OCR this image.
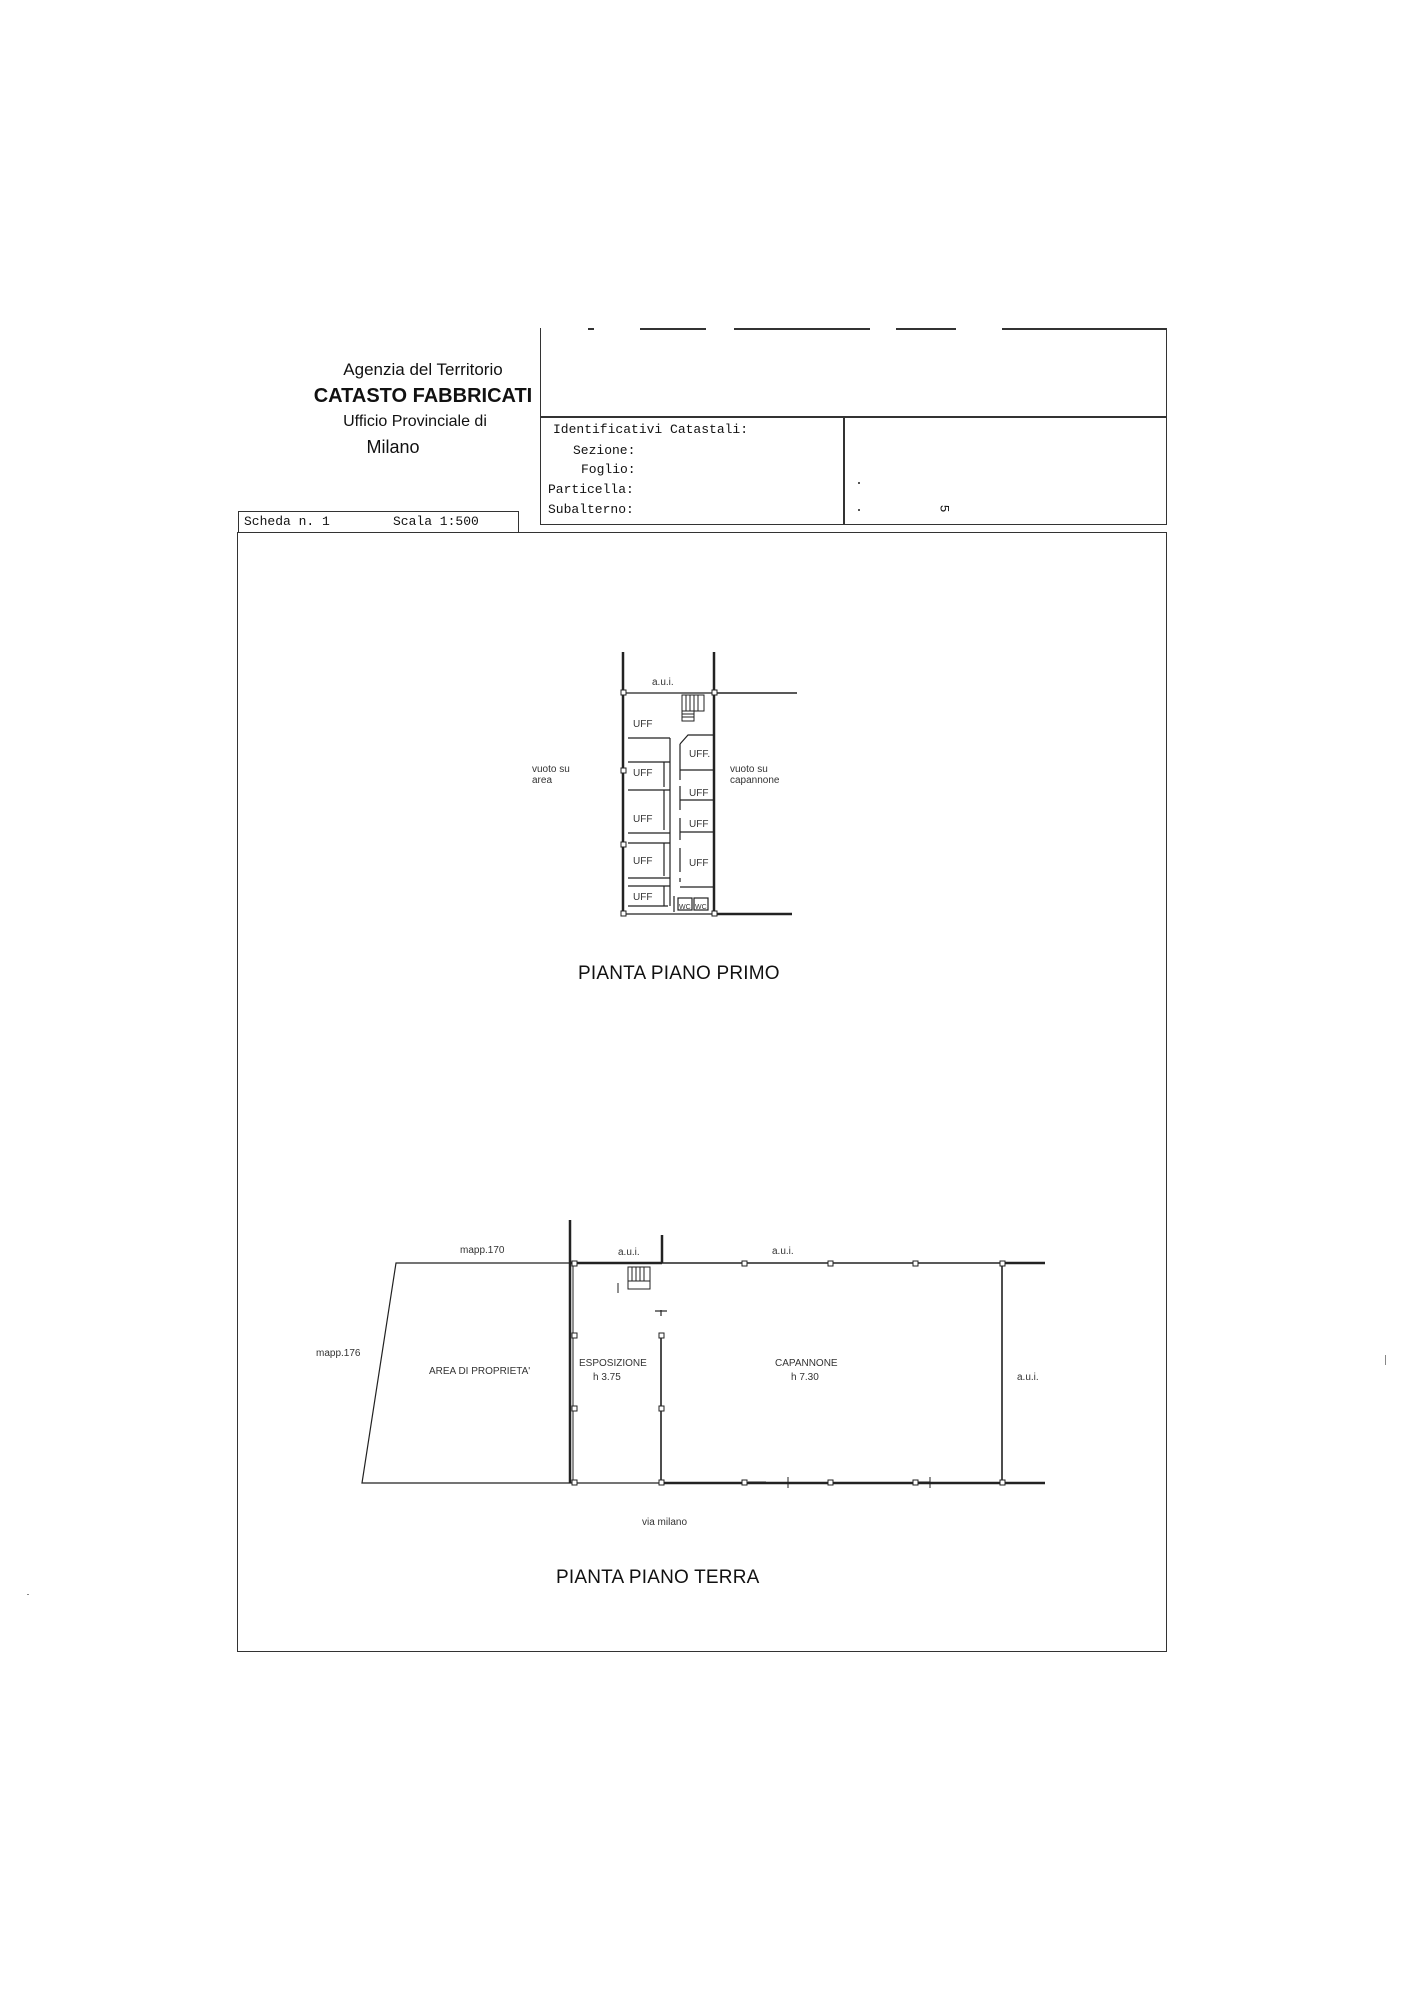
Agenzia del Territorio
CATASTO FABBRICATI
Ufficio Provinciale di
Milano
Identificativi Catastali:
Sezione:
Foglio:
Particella:
Subalterno:	5
Scheda n. 1	Scala 1:500
a.u.i.
vuoto su
area
vuoto su
capannone
UFF
UFF
UFF
UFF
UFF
UFF.
UFF
UFF
UFF
WC WC
PIANTA PIANO PRIMO
mapp.170
mapp.176
a.u.i.	a.u.i.
a.u.i.
AREA DI PROPRIETA'
ESPOSIZIONE
h 3.75
CAPANNONE
h 7.30
via milano
PIANTA PIANO TERRA
